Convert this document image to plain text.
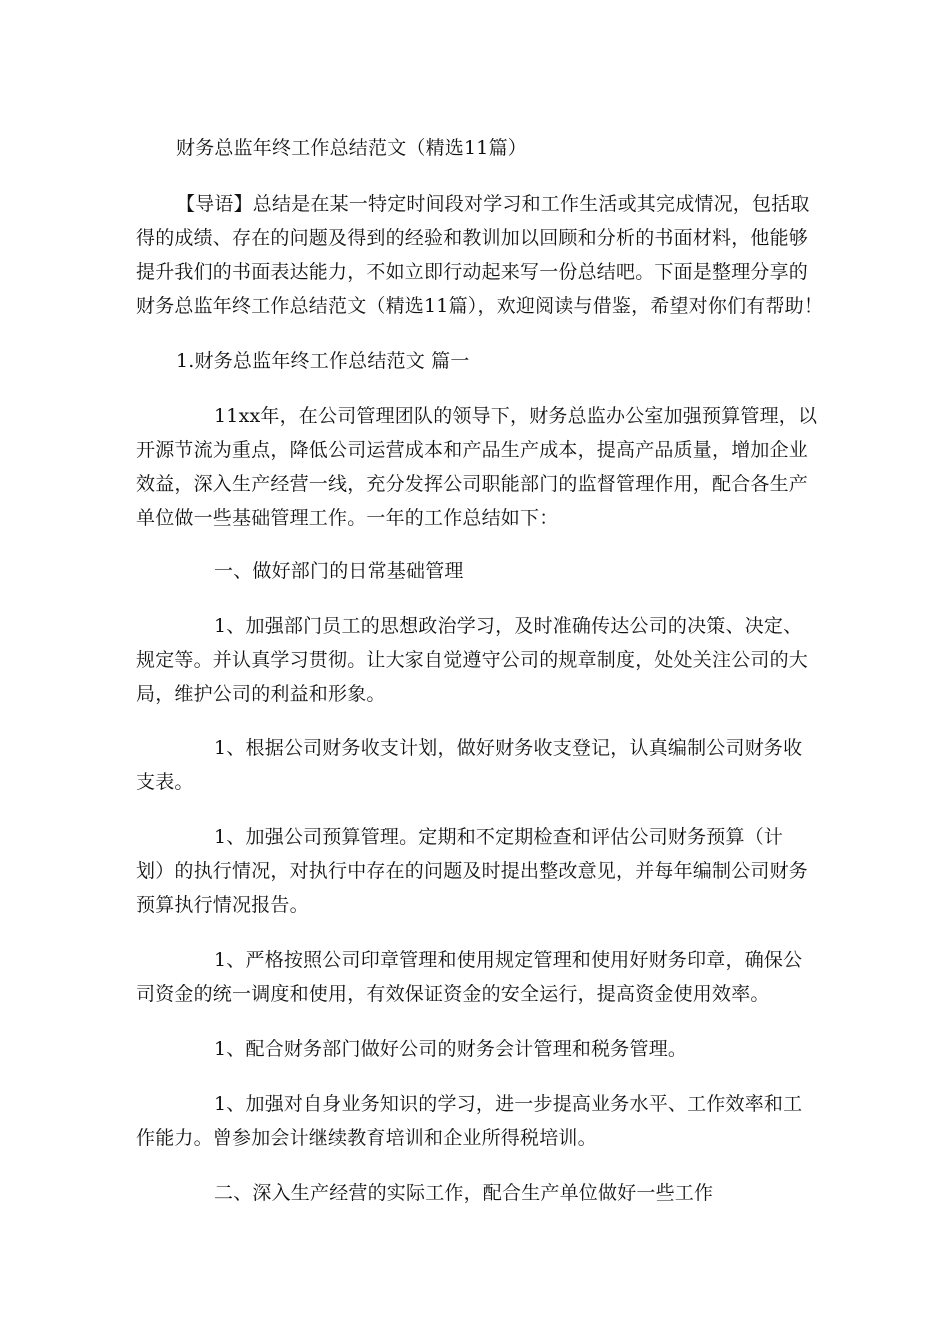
财务总监年终工作总结范文（精选11篇）
【导语】总结是在某一特定时间段对学习和工作生活或其完成情况，包括取
得的成绩、存在的问题及得到的经验和教训加以回顾和分析的书面材料，他能够
提升我们的书面表达能力，不如立即行动起来写一份总结吧。下面是整理分享的
财务总监年终工作总结范文（精选11篇），欢迎阅读与借鉴，希望对你们有帮助！
1.财务总监年终工作总结范文 篇一
11xx年，在公司管理团队的领导下，财务总监办公室加强预算管理，以
开源节流为重点，降低公司运营成本和产品生产成本，提高产品质量，增加企业
效益，深入生产经营一线，充分发挥公司职能部门的监督管理作用，配合各生产
单位做一些基础管理工作。一年的工作总结如下：
一、做好部门的日常基础管理
1、加强部门员工的思想政治学习，及时准确传达公司的决策、决定、
规定等。并认真学习贯彻。让大家自觉遵守公司的规章制度，处处关注公司的大
局，维护公司的利益和形象。
1、根据公司财务收支计划，做好财务收支登记，认真编制公司财务收
支表。
1、加强公司预算管理。定期和不定期检查和评估公司财务预算（计
划）的执行情况，对执行中存在的问题及时提出整改意见，并每年编制公司财务
预算执行情况报告。
1、严格按照公司印章管理和使用规定管理和使用好财务印章，确保公
司资金的统一调度和使用，有效保证资金的安全运行，提高资金使用效率。
1、配合财务部门做好公司的财务会计管理和税务管理。
1、加强对自身业务知识的学习，进一步提高业务水平、工作效率和工
作能力。曾参加会计继续教育培训和企业所得税培训。
二、深入生产经营的实际工作，配合生产单位做好一些工作
